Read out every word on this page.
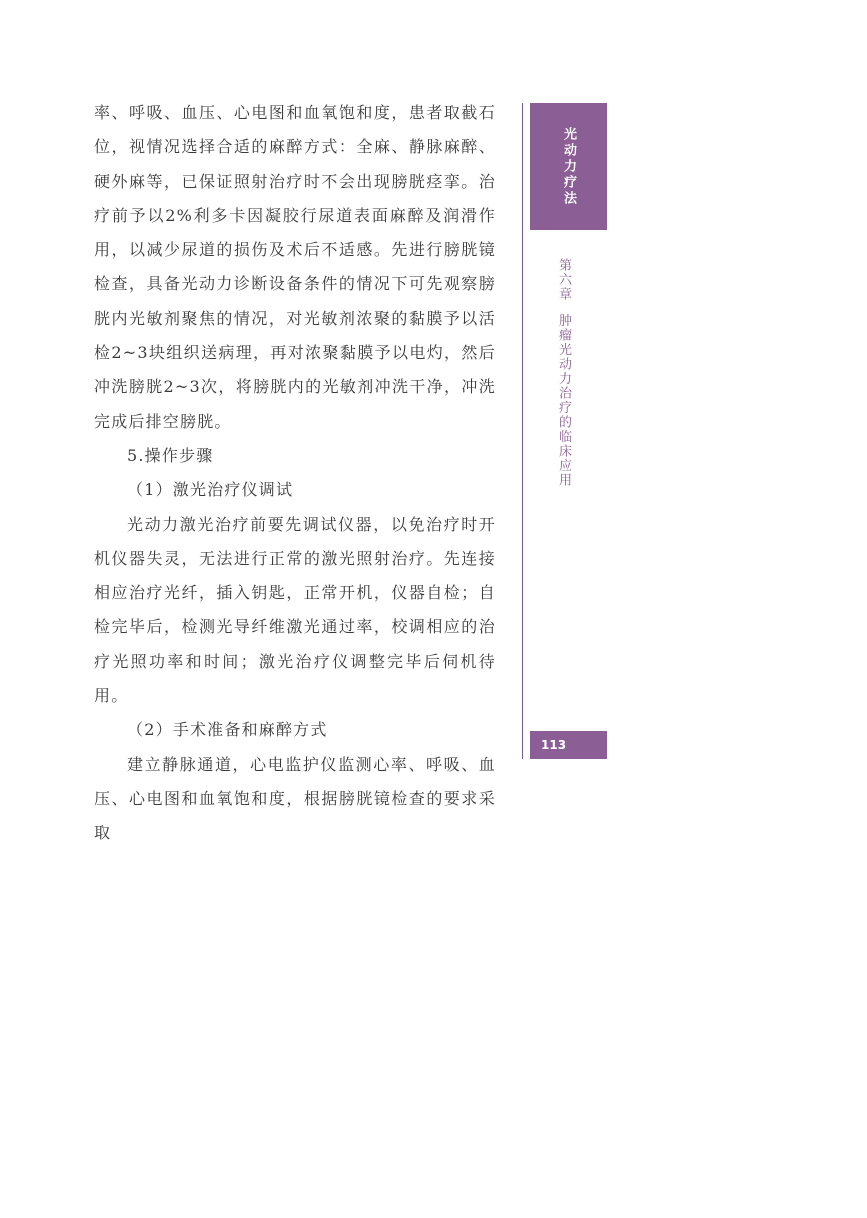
率、呼吸、血压、心电图和血氧饱和度，患者取截石位，视情况选择合适的麻醉方式：全麻、静脉麻醉、硬外麻等，已保证照射治疗时不会出现膀胱痉挛。治疗前予以2%利多卡因凝胶行尿道表面麻醉及润滑作用，以减少尿道的损伤及术后不适感。先进行膀胱镜检查，具备光动力诊断设备条件的情况下可先观察膀胱内光敏剂聚焦的情况，对光敏剂浓聚的黏膜予以活检2~3块组织送病理，再对浓聚黏膜予以电灼，然后冲洗膀胱2~3次，将膀胱内的光敏剂冲洗干净，冲洗完成后排空膀胱。

5.操作步骤

（1）激光治疗仪调试

光动力激光治疗前要先调试仪器，以免治疗时开机仪器失灵，无法进行正常的激光照射治疗。先连接相应治疗光纤，插入钥匙，正常开机，仪器自检；自检完毕后，检测光导纤维激光通过率，校调相应的治疗光照功率和时间；激光治疗仪调整完毕后伺机待用。

（2）手术准备和麻醉方式

建立静脉通道，心电监护仪监测心率、呼吸、血压、心电图和血氧饱和度，根据膀胱镜检查的要求采取

光动力疗法
第六章肿瘤光动力治疗的临床应用
113
